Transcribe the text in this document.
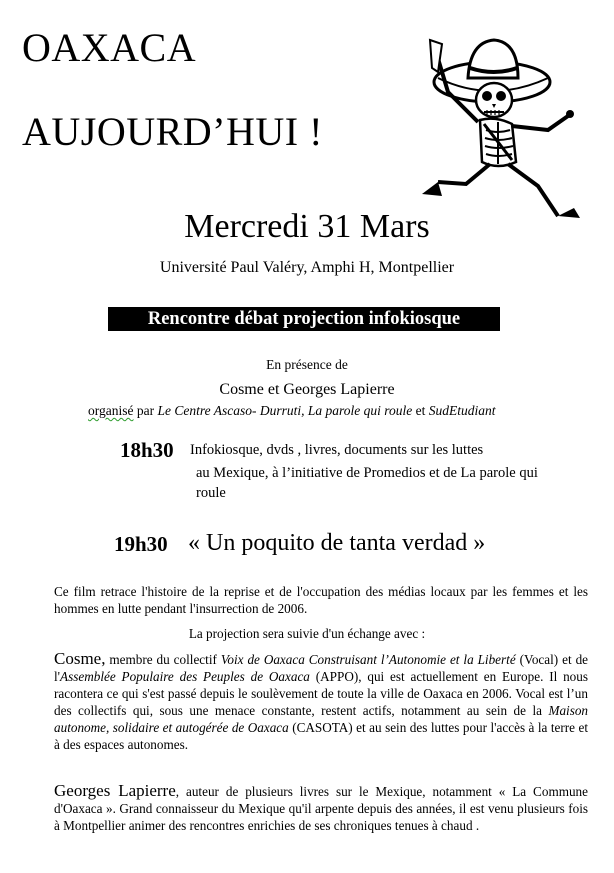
OAXACA
AUJOURD’HUI !
Mercredi 31 Mars
Université Paul Valéry, Amphi H, Montpellier
Rencontre débat projection infokiosque
En présence de
Cosme et Georges Lapierre
organisé par Le Centre Ascaso- Durruti, La parole qui roule et SudEtudiant
18h30 Infokiosque, dvds , livres, documents sur les luttes
au Mexique, à l’initiative de Promedios et de La parole qui
roule
19h30 « Un poquito de tanta verdad »
Ce film retrace l'histoire de la reprise et de l'occupation des médias locaux par les femmes et les hommes en lutte pendant l'insurrection de 2006.
La projection sera suivie d'un échange avec :
Cosme, membre du collectif Voix de Oaxaca Construisant l’Autonomie et la Liberté (Vocal) et de l'Assemblée Populaire des Peuples de Oaxaca (APPO), qui est actuellement en Europe. Il nous racontera ce qui s'est passé depuis le soulèvement de toute la ville de Oaxaca en 2006. Vocal est l’un des collectifs qui, sous une menace constante, restent actifs, notamment au sein de la Maison autonome, solidaire et autogérée de Oaxaca (CASOTA) et au sein des luttes pour l'accès à la terre et à des espaces autonomes.
Georges Lapierre, auteur de plusieurs livres sur le Mexique, notamment « La Commune d'Oaxaca ». Grand connaisseur du Mexique qu'il arpente depuis des années, il est venu plusieurs fois à Montpellier animer des rencontres enrichies de ses chroniques tenues à chaud .
